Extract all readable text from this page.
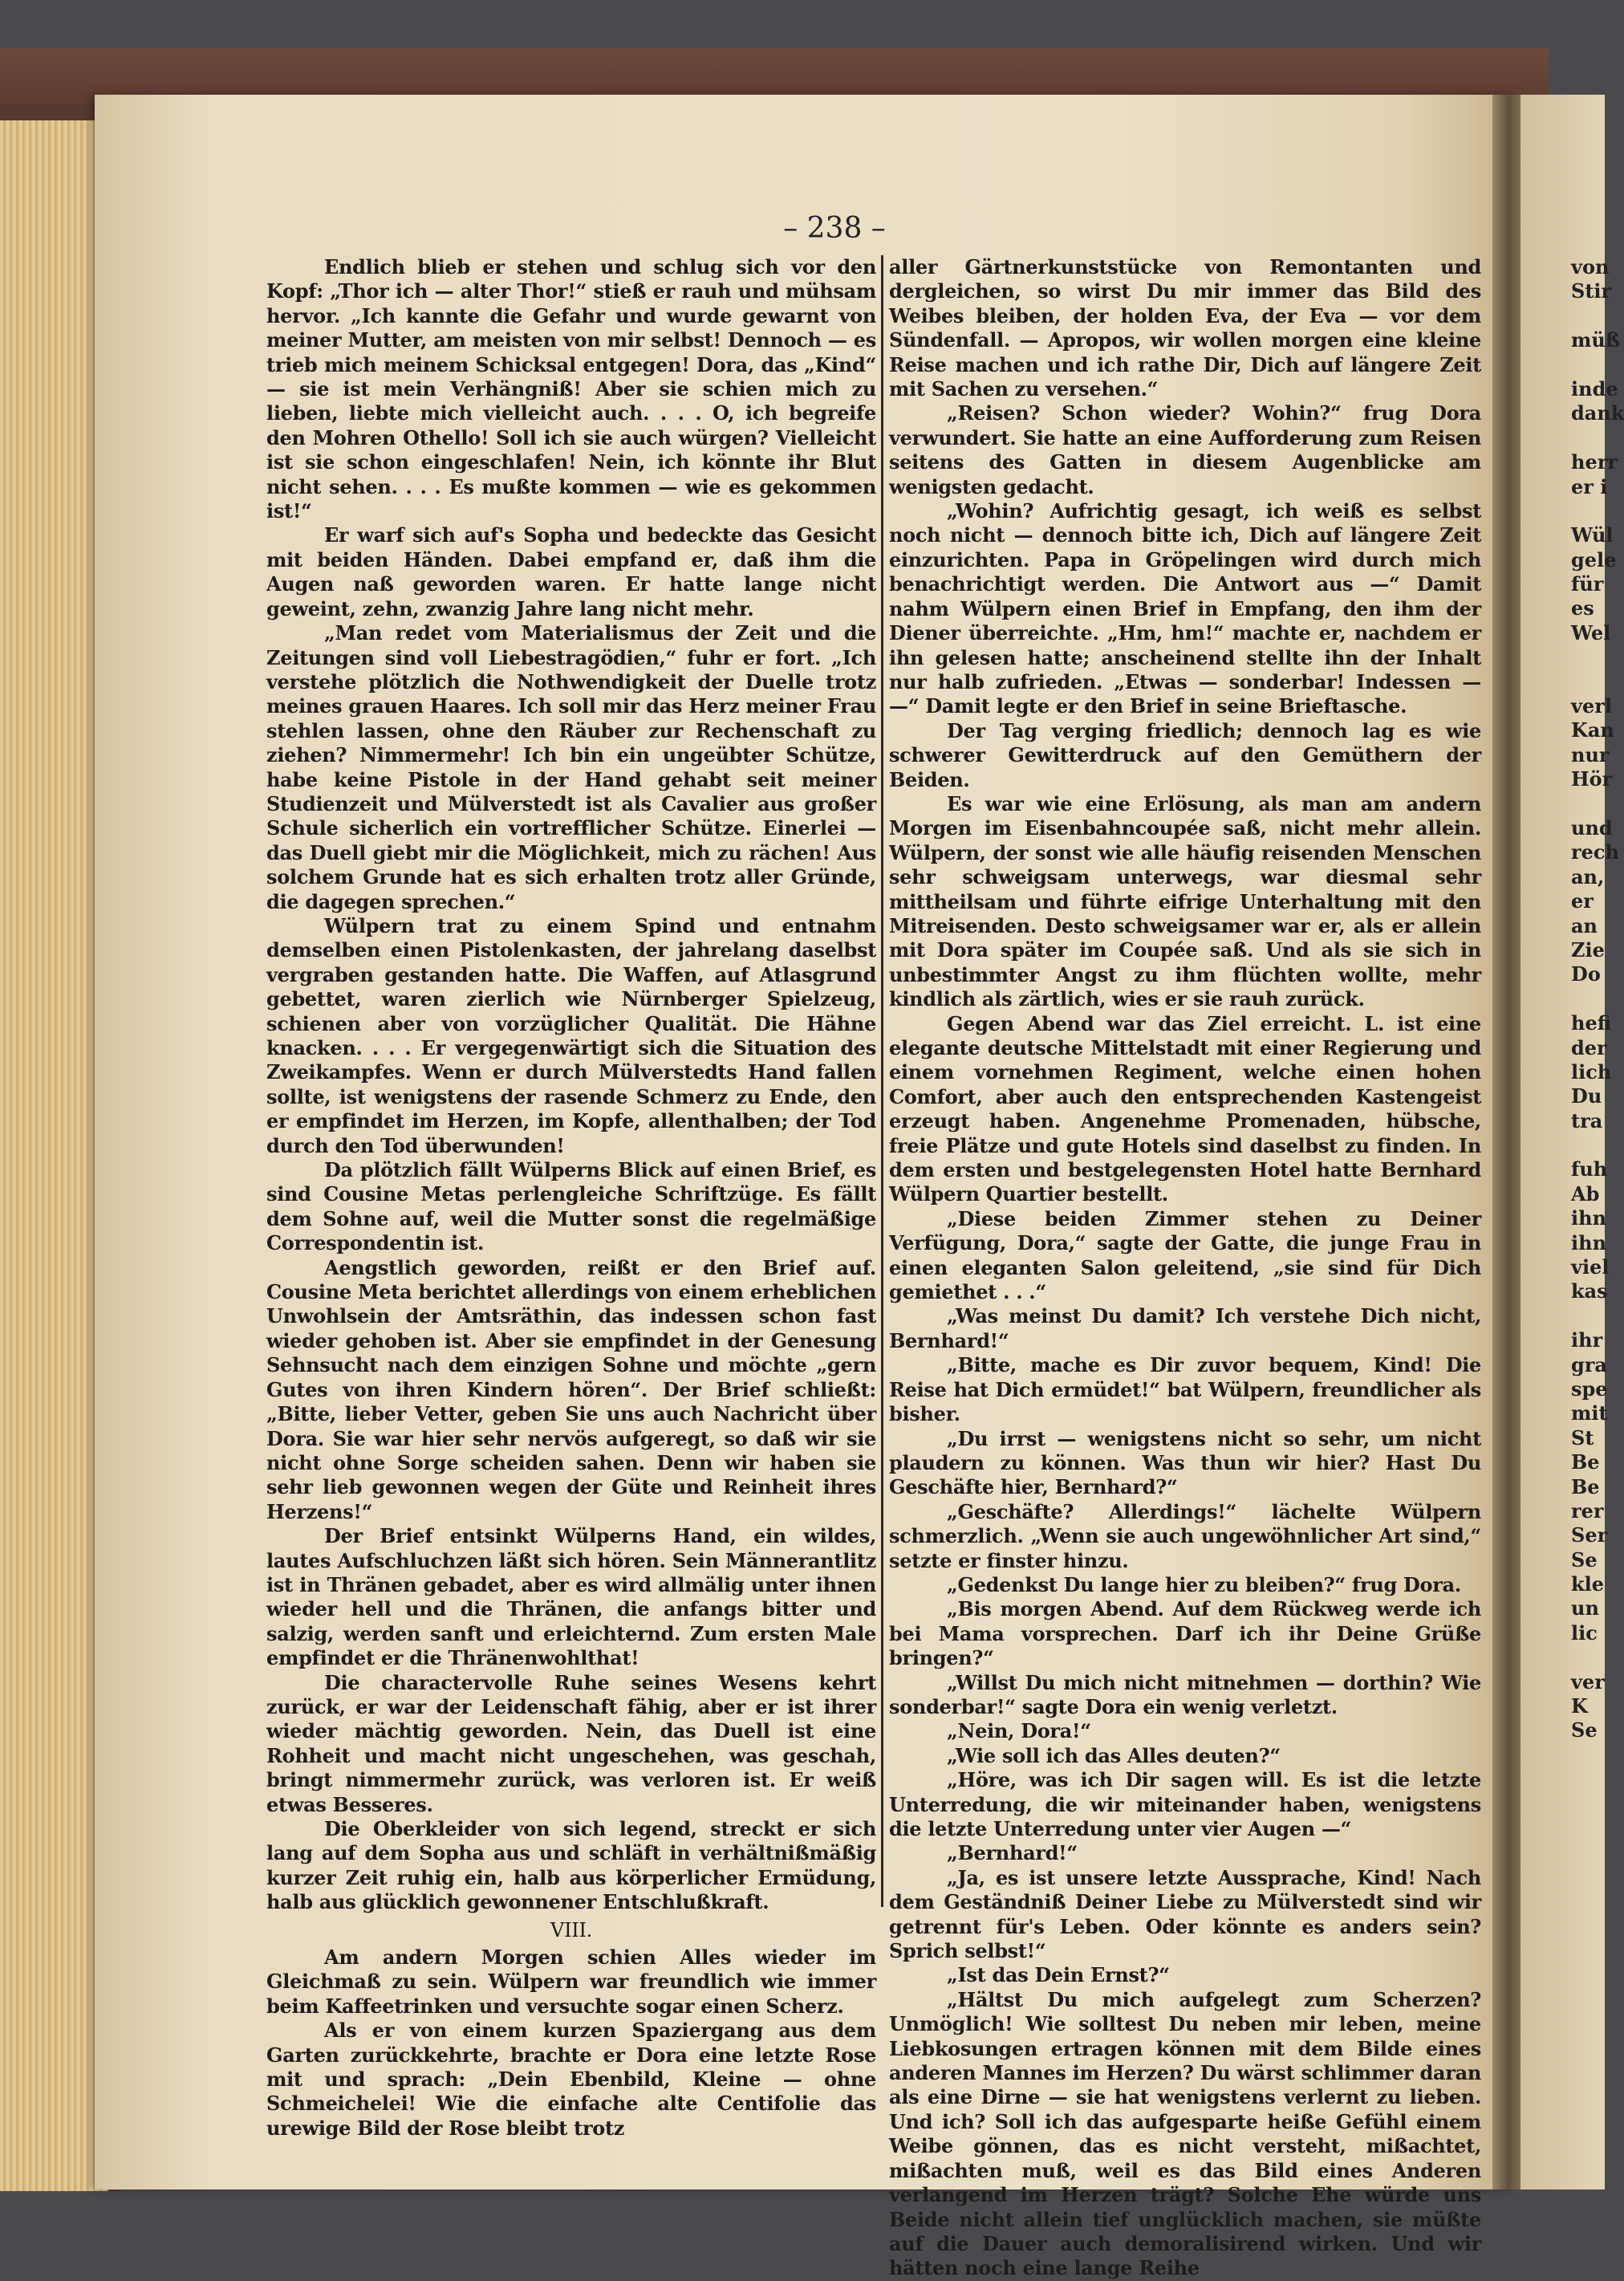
– 238 –

Endlich blieb er stehen und schlug sich vor den Kopf: „Thor ich — alter Thor!“ stieß er rauh und mühsam hervor. „Ich kannte die Gefahr und wurde gewarnt von meiner Mutter, am meisten von mir selbst! Dennoch — es trieb mich meinem Schicksal entgegen! Dora, das „Kind“ — sie ist mein Verhängniß! Aber sie schien mich zu lieben, liebte mich vielleicht auch. . . . O, ich begreife den Mohren Othello! Soll ich sie auch würgen? Vielleicht ist sie schon eingeschlafen! Nein, ich könnte ihr Blut nicht sehen. . . . Es mußte kommen — wie es gekommen ist!“

Er warf sich auf's Sopha und bedeckte das Gesicht mit beiden Händen. Dabei empfand er, daß ihm die Augen naß geworden waren. Er hatte lange nicht geweint, zehn, zwanzig Jahre lang nicht mehr.

„Man redet vom Materialismus der Zeit und die Zeitungen sind voll Liebestragödien,“ fuhr er fort. „Ich verstehe plötzlich die Nothwendigkeit der Duelle trotz meines grauen Haares. Ich soll mir das Herz meiner Frau stehlen lassen, ohne den Räuber zur Rechenschaft zu ziehen? Nimmermehr! Ich bin ein ungeübter Schütze, habe keine Pistole in der Hand gehabt seit meiner Studienzeit und Mülverstedt ist als Cavalier aus großer Schule sicherlich ein vortrefflicher Schütze. Einerlei — das Duell giebt mir die Möglichkeit, mich zu rächen! Aus solchem Grunde hat es sich erhalten trotz aller Gründe, die dagegen sprechen.“

Wülpern trat zu einem Spind und entnahm demselben einen Pistolenkasten, der jahrelang daselbst vergraben gestanden hatte. Die Waffen, auf Atlasgrund gebettet, waren zierlich wie Nürnberger Spielzeug, schienen aber von vorzüglicher Qualität. Die Hähne knacken. . . . Er vergegenwärtigt sich die Situation des Zweikampfes. Wenn er durch Mülverstedts Hand fallen sollte, ist wenigstens der rasende Schmerz zu Ende, den er empfindet im Herzen, im Kopfe, allenthalben; der Tod durch den Tod überwunden!

Da plötzlich fällt Wülperns Blick auf einen Brief, es sind Cousine Metas perlengleiche Schriftzüge. Es fällt dem Sohne auf, weil die Mutter sonst die regelmäßige Correspondentin ist.

Aengstlich geworden, reißt er den Brief auf. Cousine Meta berichtet allerdings von einem erheblichen Unwohlsein der Amtsräthin, das indessen schon fast wieder gehoben ist. Aber sie empfindet in der Genesung Sehnsucht nach dem einzigen Sohne und möchte „gern Gutes von ihren Kindern hören“. Der Brief schließt: „Bitte, lieber Vetter, geben Sie uns auch Nachricht über Dora. Sie war hier sehr nervös aufgeregt, so daß wir sie nicht ohne Sorge scheiden sahen. Denn wir haben sie sehr lieb gewonnen wegen der Güte und Reinheit ihres Herzens!“

Der Brief entsinkt Wülperns Hand, ein wildes, lautes Aufschluchzen läßt sich hören. Sein Männerantlitz ist in Thränen gebadet, aber es wird allmälig unter ihnen wieder hell und die Thränen, die anfangs bitter und salzig, werden sanft und erleichternd. Zum ersten Male empfindet er die Thränenwohlthat!

Die charactervolle Ruhe seines Wesens kehrt zurück, er war der Leidenschaft fähig, aber er ist ihrer wieder mächtig geworden. Nein, das Duell ist eine Rohheit und macht nicht ungeschehen, was geschah, bringt nimmermehr zurück, was verloren ist. Er weiß etwas Besseres.

Die Oberkleider von sich legend, streckt er sich lang auf dem Sopha aus und schläft in verhältnißmäßig kurzer Zeit ruhig ein, halb aus körperlicher Ermüdung, halb aus glücklich gewonnener Entschlußkraft.

VIII.

Am andern Morgen schien Alles wieder im Gleichmaß zu sein. Wülpern war freundlich wie immer beim Kaffeetrinken und versuchte sogar einen Scherz.

Als er von einem kurzen Spaziergang aus dem Garten zurückkehrte, brachte er Dora eine letzte Rose mit und sprach: „Dein Ebenbild, Kleine — ohne Schmeichelei! Wie die einfache alte Centifolie das urewige Bild der Rose bleibt trotz

aller Gärtnerkunststücke von Remontanten und dergleichen, so wirst Du mir immer das Bild des Weibes bleiben, der holden Eva, der Eva — vor dem Sündenfall. — Apropos, wir wollen morgen eine kleine Reise machen und ich rathe Dir, Dich auf längere Zeit mit Sachen zu versehen.“

„Reisen? Schon wieder? Wohin?“ frug Dora verwundert. Sie hatte an eine Aufforderung zum Reisen seitens des Gatten in diesem Augenblicke am wenigsten gedacht.

„Wohin? Aufrichtig gesagt, ich weiß es selbst noch nicht — dennoch bitte ich, Dich auf längere Zeit einzurichten. Papa in Gröpelingen wird durch mich benachrichtigt werden. Die Antwort aus —“ Damit nahm Wülpern einen Brief in Empfang, den ihm der Diener überreichte. „Hm, hm!“ machte er, nachdem er ihn gelesen hatte; anscheinend stellte ihn der Inhalt nur halb zufrieden. „Etwas — sonderbar! Indessen — —“ Damit legte er den Brief in seine Brieftasche.

Der Tag verging friedlich; dennoch lag es wie schwerer Gewitterdruck auf den Gemüthern der Beiden.

Es war wie eine Erlösung, als man am andern Morgen im Eisenbahncoupée saß, nicht mehr allein. Wülpern, der sonst wie alle häufig reisenden Menschen sehr schweigsam unterwegs, war diesmal sehr mittheilsam und führte eifrige Unterhaltung mit den Mitreisenden. Desto schweigsamer war er, als er allein mit Dora später im Coupée saß. Und als sie sich in unbestimmter Angst zu ihm flüchten wollte, mehr kindlich als zärtlich, wies er sie rauh zurück.

Gegen Abend war das Ziel erreicht. L. ist eine elegante deutsche Mittelstadt mit einer Regierung und einem vornehmen Regiment, welche einen hohen Comfort, aber auch den entsprechenden Kastengeist erzeugt haben. Angenehme Promenaden, hübsche, freie Plätze und gute Hotels sind daselbst zu finden. In dem ersten und bestgelegensten Hotel hatte Bernhard Wülpern Quartier bestellt.

„Diese beiden Zimmer stehen zu Deiner Verfügung, Dora,“ sagte der Gatte, die junge Frau in einen eleganten Salon geleitend, „sie sind für Dich gemiethet . . .“

„Was meinst Du damit? Ich verstehe Dich nicht, Bernhard!“

„Bitte, mache es Dir zuvor bequem, Kind! Die Reise hat Dich ermüdet!“ bat Wülpern, freundlicher als bisher.

„Du irrst — wenigstens nicht so sehr, um nicht plaudern zu können. Was thun wir hier? Hast Du Geschäfte hier, Bernhard?“

„Geschäfte? Allerdings!“ lächelte Wülpern schmerzlich. „Wenn sie auch ungewöhnlicher Art sind,“ setzte er finster hinzu.

„Gedenkst Du lange hier zu bleiben?“ frug Dora.

„Bis morgen Abend. Auf dem Rückweg werde ich bei Mama vorsprechen. Darf ich ihr Deine Grüße bringen?“

„Willst Du mich nicht mitnehmen — dorthin? Wie sonderbar!“ sagte Dora ein wenig verletzt.

„Nein, Dora!“

„Wie soll ich das Alles deuten?“

„Höre, was ich Dir sagen will. Es ist die letzte Unterredung, die wir miteinander haben, wenigstens die letzte Unterredung unter vier Augen —“

„Bernhard!“

„Ja, es ist unsere letzte Aussprache, Kind! Nach dem Geständniß Deiner Liebe zu Mülverstedt sind wir getrennt für's Leben. Oder könnte es anders sein? Sprich selbst!“

„Ist das Dein Ernst?“

„Hältst Du mich aufgelegt zum Scherzen? Unmöglich! Wie solltest Du neben mir leben, meine Liebkosungen ertragen können mit dem Bilde eines anderen Mannes im Herzen? Du wärst schlimmer daran als eine Dirne — sie hat wenigstens verlernt zu lieben. Und ich? Soll ich das aufgesparte heiße Gefühl einem Weibe gönnen, das es nicht versteht, mißachtet, mißachten muß, weil es das Bild eines Anderen verlangend im Herzen trägt? Solche Ehe würde uns Beide nicht allein tief unglücklich machen, sie müßte auf die Dauer auch demoralisirend wirken. Und wir hätten noch eine lange Reihe

von
Stir
müß
inde
dank
herr
er i
Wül
gele
für
es
Wel
verl
Kan
nur
Hör
und
rech
an,
er
an
Zie
Do
hefi
der
lich
Du
tra
fuh
Ab
ihn
ihn
viel
kas
ihr
gra
spe
mit
St
Be
Be
rer
Ser
Se
kle
un
lic
ver
K
Se
